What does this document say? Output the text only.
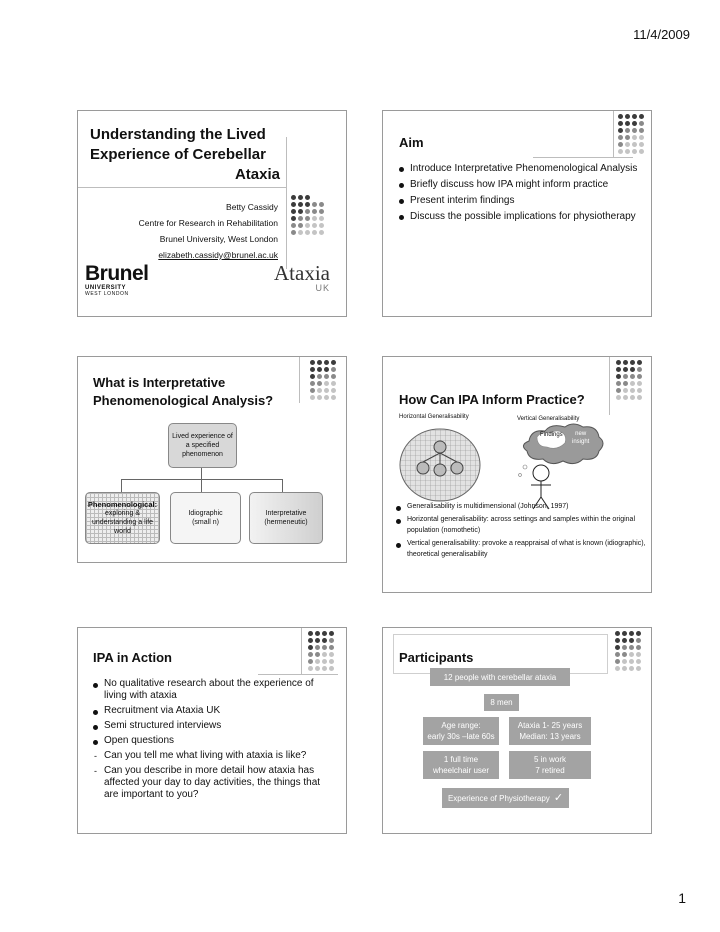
11/4/2009
1
Understanding the Lived
Experience of Cerebellar
Ataxia
Betty Cassidy
Centre for Research in Rehabilitation
Brunel University, West London
elizabeth.cassidy@brunel.ac.uk
Brunel
UNIVERSITY
WEST LONDON
Ataxia
UK
Aim
Introduce Interpretative Phenomenological Analysis
Briefly discuss how IPA might inform practice
Present interim findings
Discuss the possible implications for physiotherapy
What is Interpretative
Phenomenological Analysis?
Lived experience of
a specified
phenomenon
Phenomenological:
exploring &
understanding a life
world
Idiographic
(small n)
Interpretative
(hermeneutic)
How Can IPA Inform Practice?
Horizontal Generalisability	Vertical Generalisability
Findings	new
insight
Generalisability is multidimensional (Johnson, 1997)
Horizontal generalisability: across settings and samples within the original population (nomothetic)
Vertical generalisability: provoke a reappraisal of what is known (idiographic), theoretical generalisability
IPA in Action
No qualitative research about the experience of living with ataxia
Recruitment via Ataxia UK
Semi structured interviews
Open questions
- Can you tell me what living with ataxia is like?
- Can you describe in more detail how ataxia has affected your day to day activities, the things that are important to you?
Participants
12 people with cerebellar ataxia
8 men
Age range:
early 30s –late 60s
Ataxia 1- 25 years
Median: 13 years
1 full time
wheelchair user
5 in work
7 retired
Experience of Physiotherapy ✓
